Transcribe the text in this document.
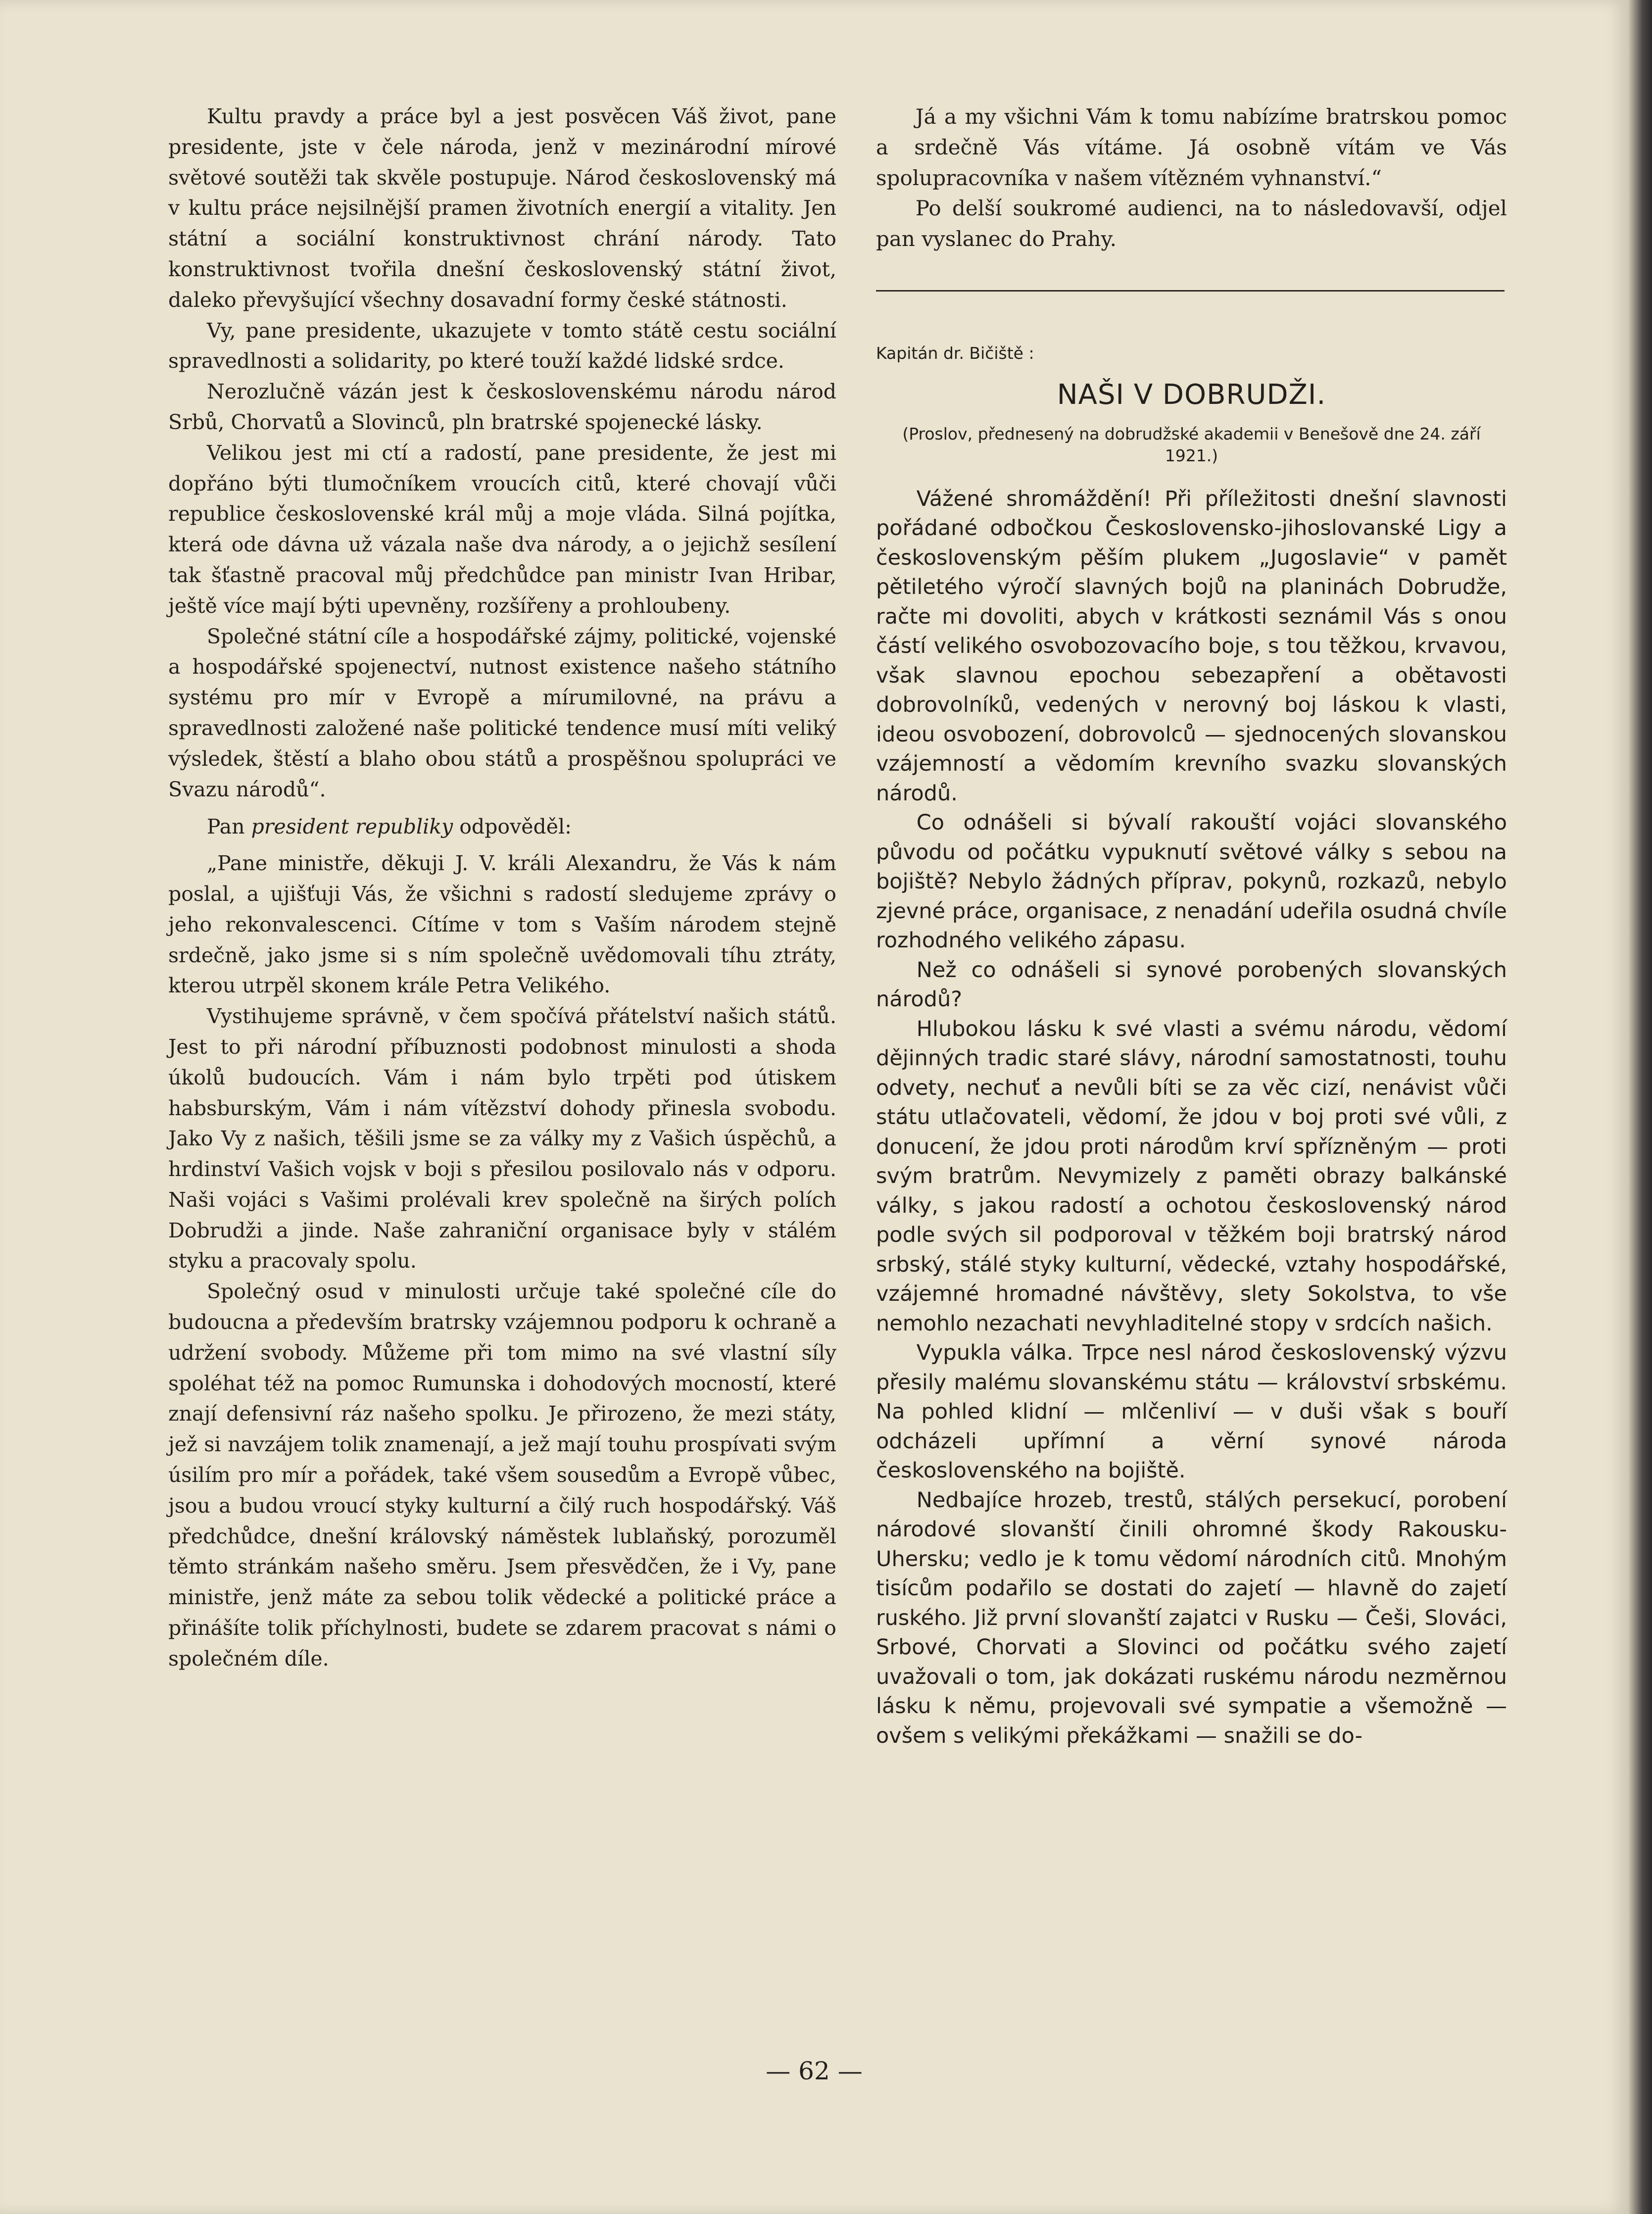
Kultu pravdy a práce byl a jest posvěcen Váš život, pane presidente, jste v čele národa, jenž v mezinárodní mírové světové soutěži tak skvěle postupuje. Národ československý má v kultu práce nejsilnější pramen životních energií a vitality. Jen státní a sociální konstruktivnost chrání národy. Tato konstruktivnost tvořila dnešní československý státní život, daleko převyšující všechny dosavadní formy české státnosti.

Vy, pane presidente, ukazujete v tomto státě cestu sociální spravedlnosti a solidarity, po které touží každé lidské srdce.

Nerozlučně vázán jest k československému národu národ Srbů, Chorvatů a Slovinců, pln bratrské spojenecké lásky.

Velikou jest mi ctí a radostí, pane presidente, že jest mi dopřáno býti tlumočníkem vroucích citů, které chovají vůči republice československé král můj a moje vláda. Silná pojítka, která ode dávna už vázala naše dva národy, a o jejichž sesílení tak šťastně pracoval můj předchůdce pan ministr Ivan Hribar, ještě více mají býti upevněny, rozšířeny a prohloubeny.

Společné státní cíle a hospodářské zájmy, politické, vojenské a hospodářské spojenectví, nutnost existence našeho státního systému pro mír v Evropě a mírumilovné, na právu a spravedlnosti založené naše politické tendence musí míti veliký výsledek, štěstí a blaho obou států a prospěšnou spolupráci ve Svazu národů“.

Pan president republiky odpověděl:

„Pane ministře, děkuji J. V. králi Alexandru, že Vás k nám poslal, a ujišťuji Vás, že všichni s radostí sledujeme zprávy o jeho rekonvalescenci. Cítíme v tom s Vaším národem stejně srdečně, jako jsme si s ním společně uvědomovali tíhu ztráty, kterou utrpěl skonem krále Petra Velikého.

Vystihujeme správně, v čem spočívá přátelství našich států. Jest to při národní příbuznosti podobnost minulosti a shoda úkolů budoucích. Vám i nám bylo trpěti pod útiskem habsburským, Vám i nám vítězství dohody přinesla svobodu. Jako Vy z našich, těšili jsme se za války my z Vašich úspěchů, a hrdinství Vašich vojsk v boji s přesilou posilovalo nás v odporu. Naši vojáci s Vašimi prolévali krev společně na širých polích Dobrudži a jinde. Naše zahraniční organisace byly v stálém styku a pracovaly spolu.

Společný osud v minulosti určuje také společné cíle do budoucna a především bratrsky vzájemnou podporu k ochraně a udržení svobody. Můžeme při tom mimo na své vlastní síly spoléhat též na pomoc Rumunska i dohodových mocností, které znají defensivní ráz našeho spolku. Je přirozeno, že mezi státy, jež si navzájem tolik znamenají, a jež mají touhu prospívati svým úsilím pro mír a pořádek, také všem sousedům a Evropě vůbec, jsou a budou vroucí styky kulturní a čilý ruch hospodářský. Váš předchůdce, dnešní královský náměstek lublaňský, porozuměl těmto stránkám našeho směru. Jsem přesvědčen, že i Vy, pane ministře, jenž máte za sebou tolik vědecké a politické práce a přinášíte tolik příchylnosti, budete se zdarem pracovat s námi o společném díle.

Já a my všichni Vám k tomu nabízíme bratrskou pomoc a srdečně Vás vítáme. Já osobně vítám ve Vás spolupracovníka v našem vítězném vyhnanství.“

Po delší soukromé audienci, na to následovavší, odjel pan vyslanec do Prahy.

Kapitán dr. Bičiště :
NAŠI V DOBRUDŽI.
(Proslov, přednesený na dobrudžské akademii v Benešově dne 24. září 1921.)

Vážené shromáždění! Při příležitosti dnešní slavnosti pořádané odbočkou Československo-jihoslovanské Ligy a československým pěším plukem „Jugoslavie“ v pamět pětiletého výročí slavných bojů na planinách Dobrudže, račte mi dovoliti, abych v krátkosti seznámil Vás s onou částí velikého osvobozovacího boje, s tou těžkou, krvavou, však slavnou epochou sebezapření a obětavosti dobrovolníků, vedených v nerovný boj láskou k vlasti, ideou osvobození, dobrovolců — sjednocených slovanskou vzájemností a vědomím krevního svazku slovanských národů.

Co odnášeli si bývalí rakouští vojáci slovanského původu od počátku vypuknutí světové války s sebou na bojiště? Nebylo žádných příprav, pokynů, rozkazů, nebylo zjevné práce, organisace, z nenadání udeřila osudná chvíle rozhodného velikého zápasu.

Než co odnášeli si synové porobených slovanských národů?

Hlubokou lásku k své vlasti a svému národu, vědomí dějinných tradic staré slávy, národní samostatnosti, touhu odvety, nechuť a nevůli bíti se za věc cizí, nenávist vůči státu utlačovateli, vědomí, že jdou v boj proti své vůli, z donucení, že jdou proti národům krví spřízněným — proti svým bratrům. Nevymizely z paměti obrazy balkánské války, s jakou radostí a ochotou československý národ podle svých sil podporoval v těžkém boji bratrský národ srbský, stálé styky kulturní, vědecké, vztahy hospodářské, vzájemné hromadné návštěvy, slety Sokolstva, to vše nemohlo nezachati nevyhladitelné stopy v srdcích našich.

Vypukla válka. Trpce nesl národ československý výzvu přesily malému slovanskému státu — království srbskému. Na pohled klidní — mlčenliví — v duši však s bouří odcházeli upřímní a věrní synové národa československého na bojiště.

Nedbajíce hrozeb, trestů, stálých persekucí, porobení národové slovanští činili ohromné škody Rakousku-Uhersku; vedlo je k tomu vědomí národních citů. Mnohým tisícům podařilo se dostati do zajetí — hlavně do zajetí ruského. Již první slovanští zajatci v Rusku — Češi, Slováci, Srbové, Chorvati a Slovinci od počátku svého zajetí uvažovali o tom, jak dokázati ruskému národu nezměrnou lásku k němu, projevovali své sympatie a všemožně — ovšem s velikými překážkami — snažili se do-

— 62 —
